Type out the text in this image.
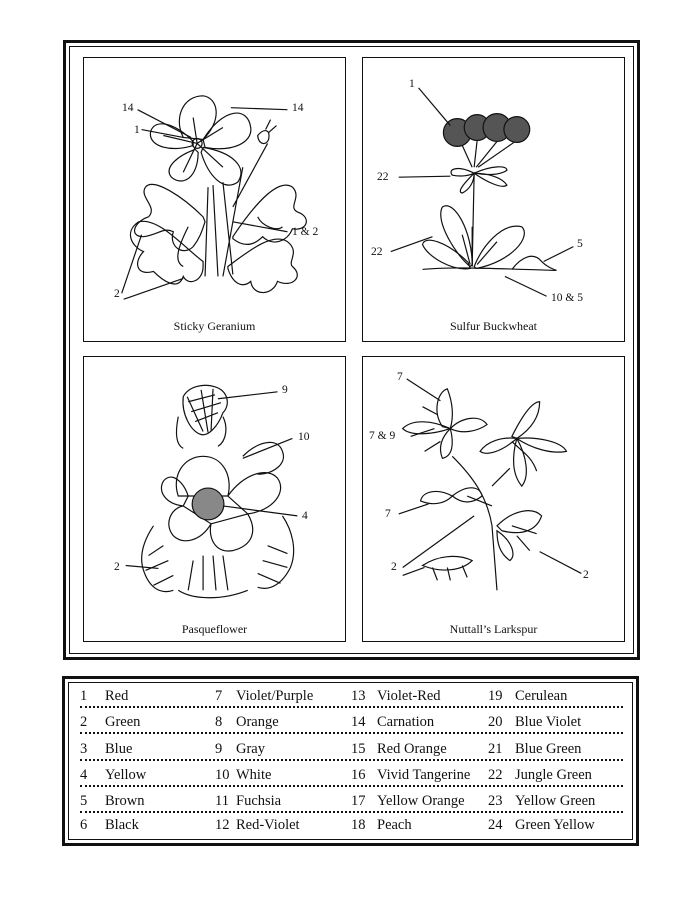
14
1
14
1 & 2
2
Sticky Geranium
1
22
22
5
10 & 5
Sulfur Buckwheat
9
10
4
2
Pasqueflower
7
7 & 9
7
2
2
Nuttall’s Larkspur
1 Red	7 Violet/Purple	13 Violet-Red	19 Cerulean
2 Green	8 Orange	14 Carnation	20 Blue Violet
3 Blue	9 Gray	15 Red Orange	21 Blue Green
4 Yellow	10 White	16 Vivid Tangerine 22 Jungle Green
5 Brown	11 Fuchsia	17 Yellow Orange 23 Yellow Green
6 Black	12 Red-Violet	18 Peach	24 Green Yellow
